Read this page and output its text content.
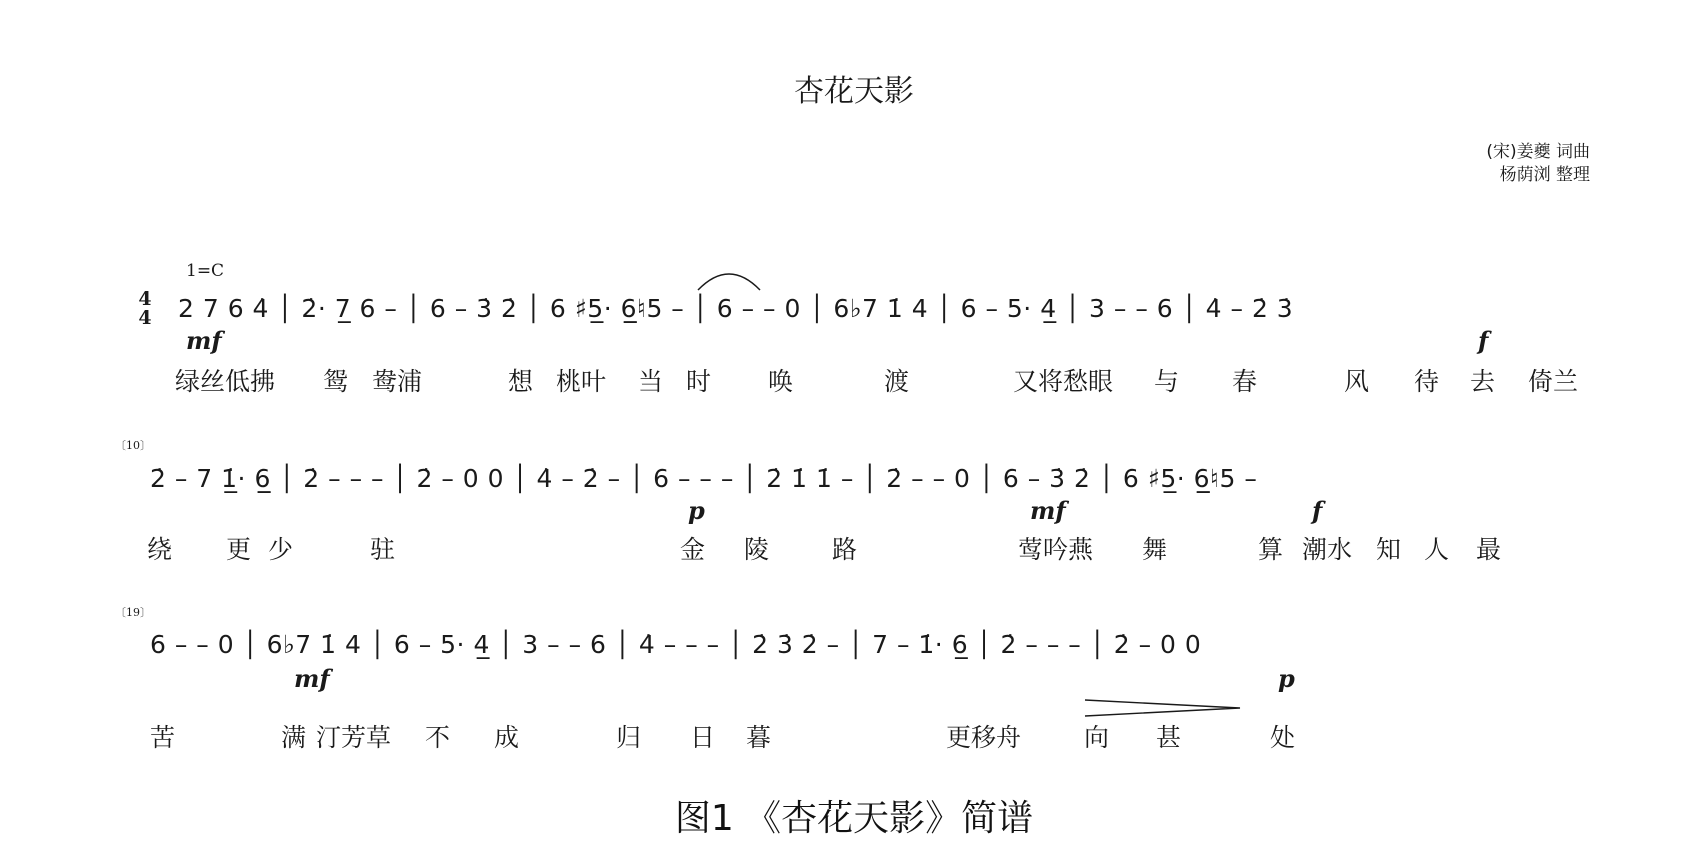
杏花天影
(宋)姜夔 词曲
杨荫浏 整理
1=C
4
4 2 7 6 4̇ │ 2̇· 7̲ 6 – │ 6 – 3̇ 2̇ │ 6 ♯5̲· 6̲̲♮5 – │ 6 – – 0 │ 6♭7 1̇ 4 │ 6 – 5· 4̲ │ 3 – – 6 │ 4̇ – 2̇ 3̇
mf	f
绿丝低拂 鸳 鸯浦	想 桃叶 当 时 唤	渡	又将愁眼 与 春	风 待 去 倚兰
〔10〕
2̇ – 7 1̲̇· 6̲̲ │ 2̇ – – – │ 2̇ – 0 0 │ 4̇ – 2̇ – │ 6 – – – │ 2̇ 1̇ 1̇ – │ 2̇ – – 0 │ 6 – 3̇ 2̇ │ 6 ♯5̲· 6̲̲♮5 –
p	mf	f
绕 更 少	驻	金 陵	路	莺吟燕 舞	算 潮水 知 人 最
〔19〕
6 – – 0 │ 6♭7 1̇ 4 │ 6 – 5· 4̲ │ 3 – – 6 │ 4̇ – – – │ 2̇ 3̇ 2̇ – │ 7 – 1̇· 6̲ │ 2̇ – – – │ 2̇ – 0 0
mf	p
苦	满 汀芳草 不 成	归 日 暮	更移舟	向 甚	处
图1 《杏花天影》简谱
